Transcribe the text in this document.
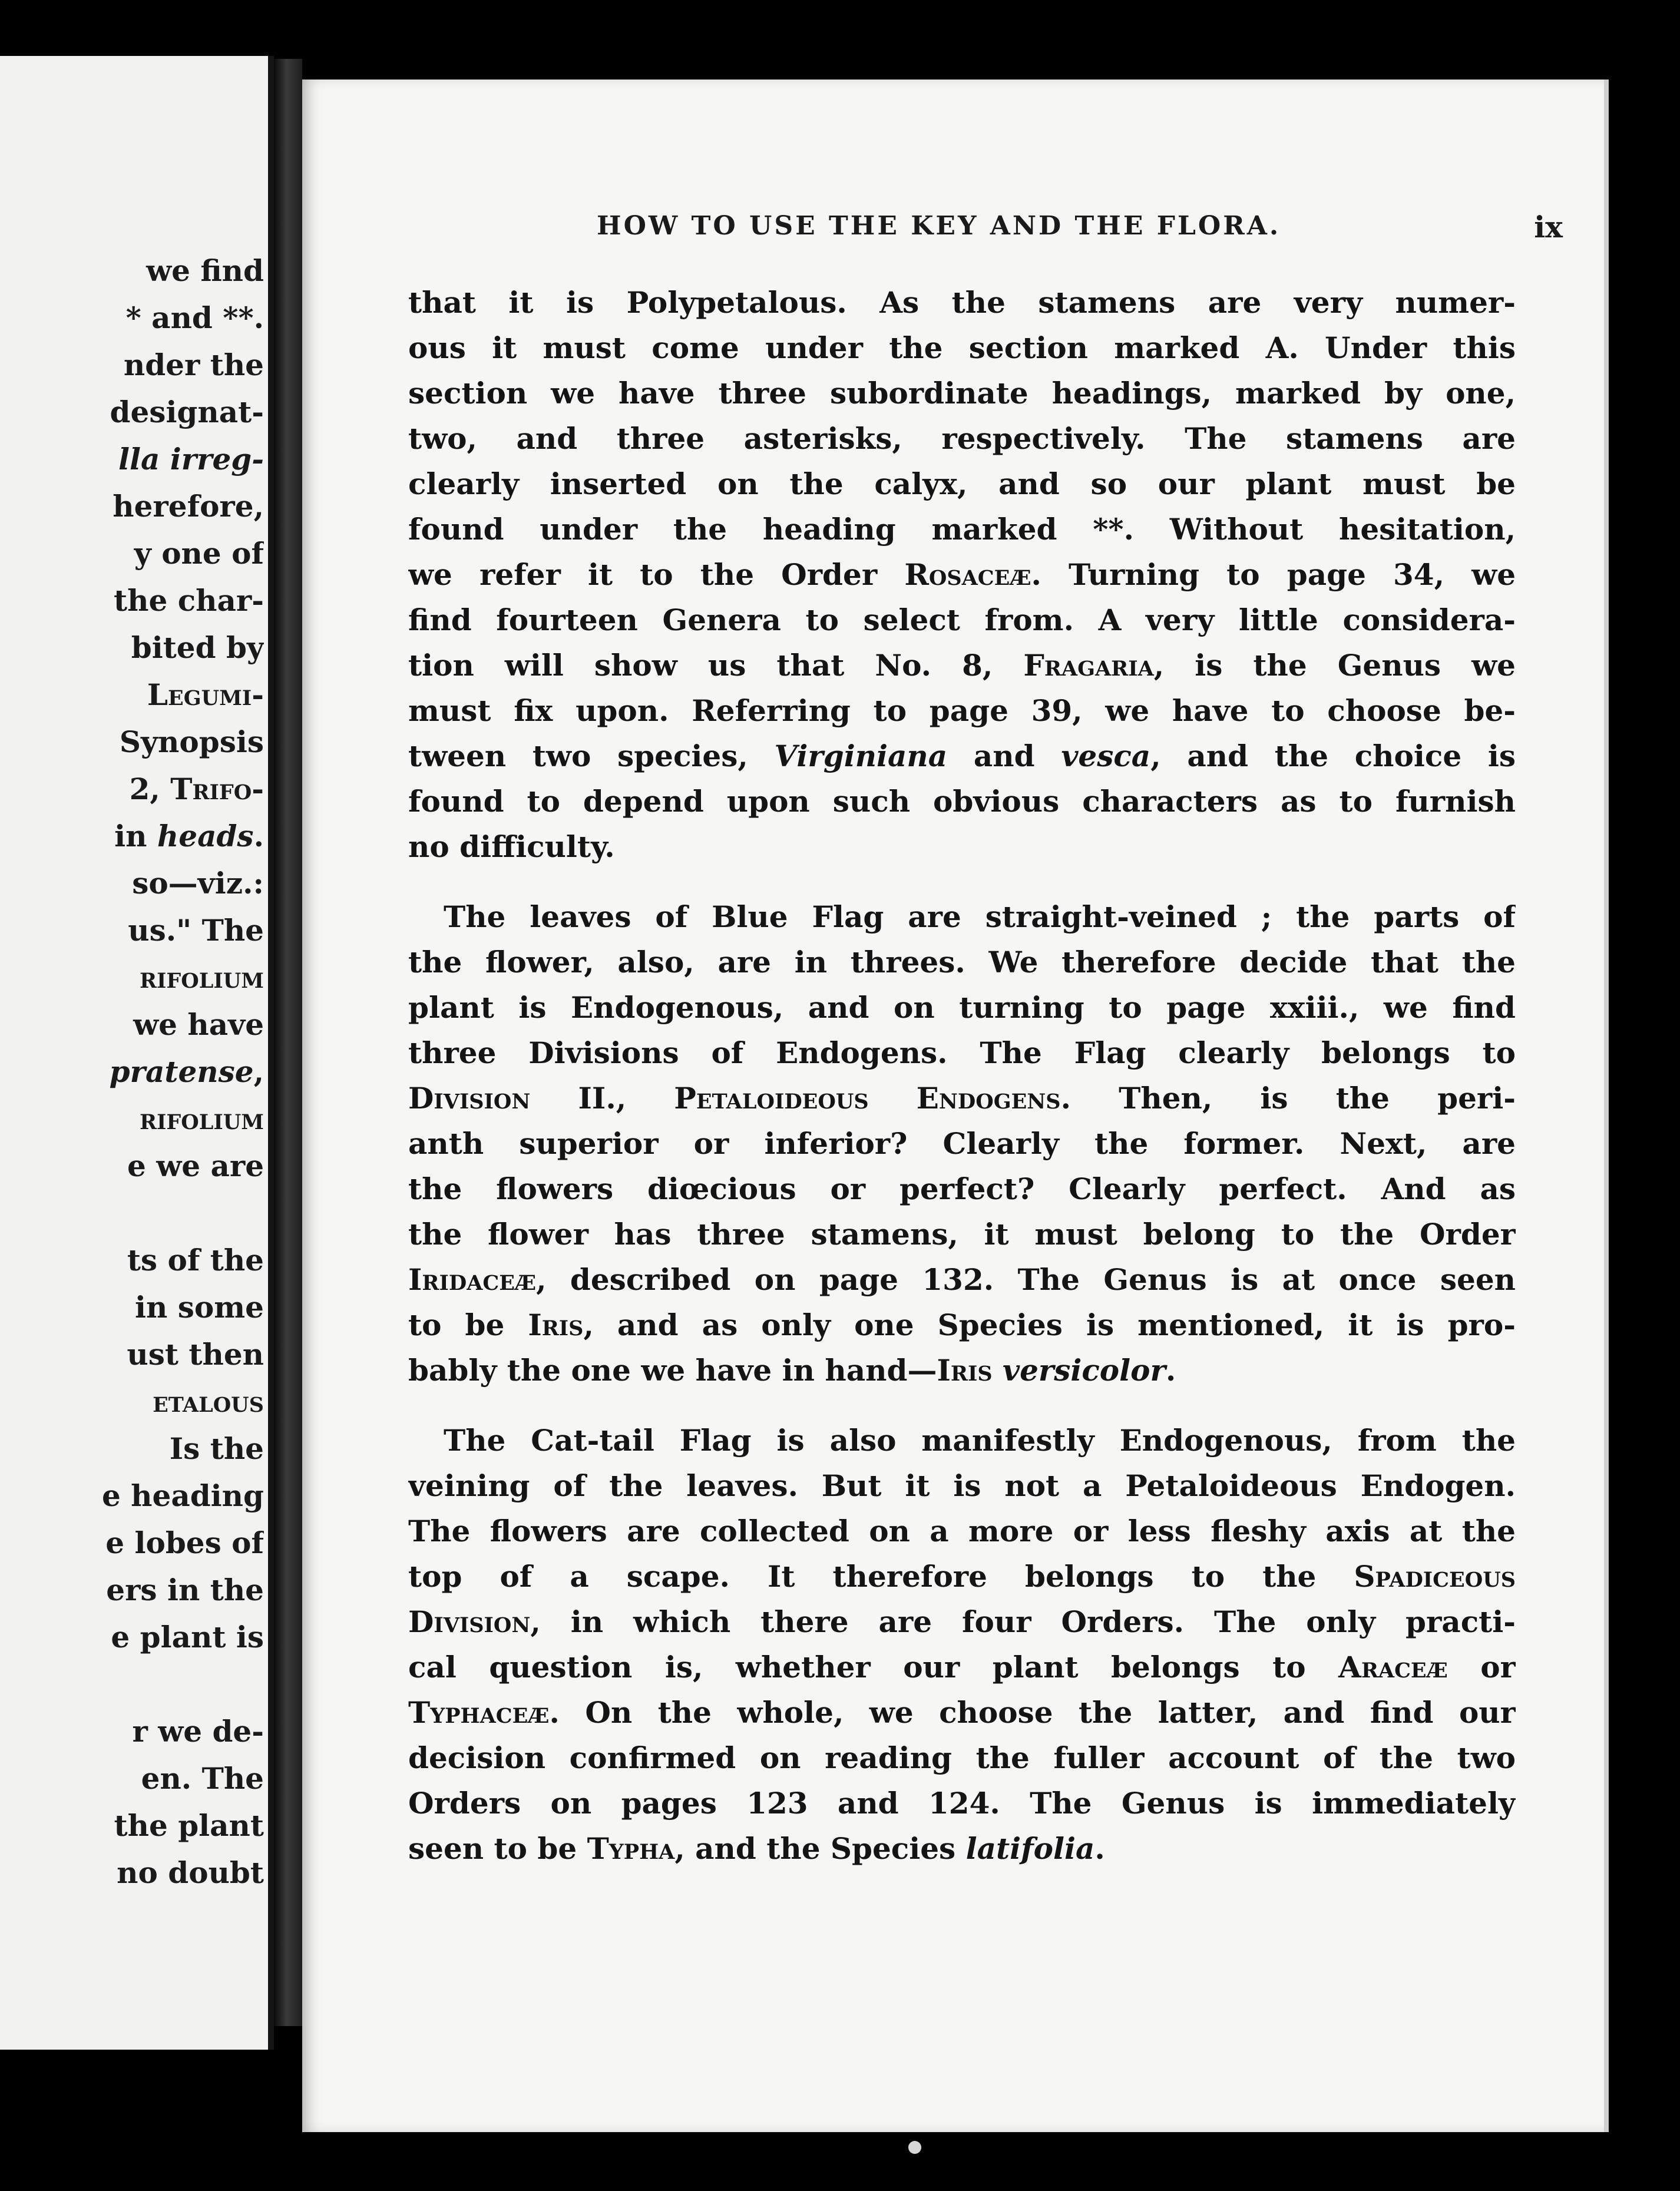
we find
* and **.
nder the
designat-
lla irreg-
herefore,
y one of
the char-
bited by
Legumi-
Synopsis
2, Trifo-
in heads.
so—viz.:
us." The
rifolium
we have
pratense,
rifolium
e we are
ts of the
in some
ust then
etalous
Is the
e heading
e lobes of
ers in the
e plant is
r we de-
en. The
the plant
no doubt
HOW TO USE THE KEY AND THE FLORA.	ix
that it is Polypetalous. As the stamens are very numer-
ous it must come under the section marked A. Under this
section we have three subordinate headings, marked by one,
two, and three asterisks, respectively. The stamens are
clearly inserted on the calyx, and so our plant must be
found under the heading marked **. Without hesitation,
we refer it to the Order Rosaceæ. Turning to page 34, we
find fourteen Genera to select from. A very little considera-
tion will show us that No. 8, Fragaria, is the Genus we
must fix upon. Referring to page 39, we have to choose be-
tween two species, Virginiana and vesca, and the choice is
found to depend upon such obvious characters as to furnish
no difficulty.
The leaves of Blue Flag are straight-veined ; the parts of
the flower, also, are in threes. We therefore decide that the
plant is Endogenous, and on turning to page xxiii., we find
three Divisions of Endogens. The Flag clearly belongs to
Division II., Petaloideous Endogens. Then, is the peri-
anth superior or inferior? Clearly the former. Next, are
the flowers diœcious or perfect? Clearly perfect. And as
the flower has three stamens, it must belong to the Order
Iridaceæ, described on page 132. The Genus is at once seen
to be Iris, and as only one Species is mentioned, it is pro-
bably the one we have in hand—Iris versicolor.
The Cat-tail Flag is also manifestly Endogenous, from the
veining of the leaves. But it is not a Petaloideous Endogen.
The flowers are collected on a more or less fleshy axis at the
top of a scape. It therefore belongs to the Spadiceous
Division, in which there are four Orders. The only practi-
cal question is, whether our plant belongs to Araceæ or
Typhaceæ. On the whole, we choose the latter, and find our
decision confirmed on reading the fuller account of the two
Orders on pages 123 and 124. The Genus is immediately
seen to be Typha, and the Species latifolia.
